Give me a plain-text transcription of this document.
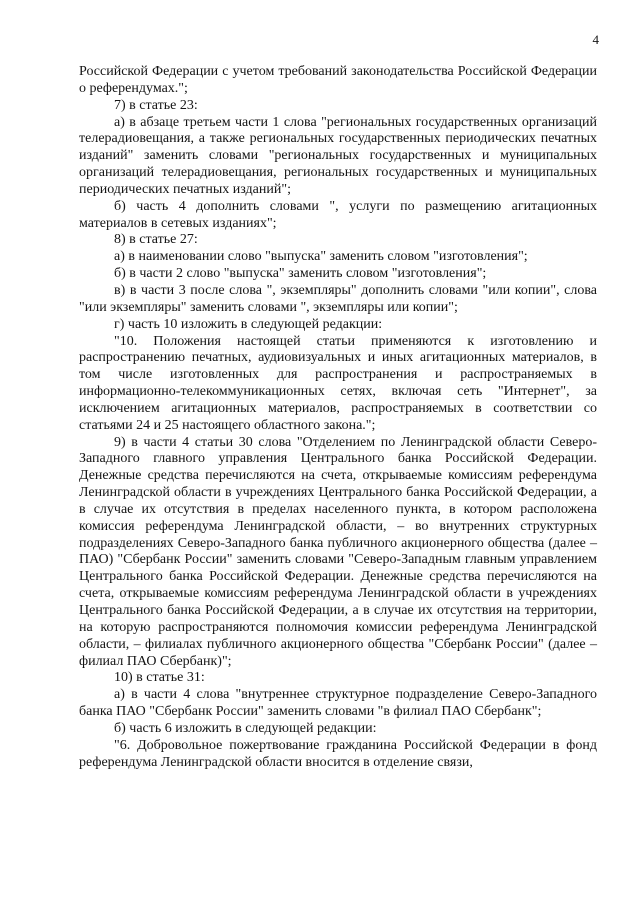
4

Российской Федерации с учетом требований законодательства Российской Федерации о референдумах.";

7) в статье 23:

а) в абзаце третьем части 1 слова "региональных государственных организаций телерадиовещания, а также региональных государственных периодических печатных изданий" заменить словами "региональных государственных и муниципальных организаций телерадиовещания, региональных государственных и муниципальных периодических печатных изданий";

б) часть 4 дополнить словами ", услуги по размещению агитационных материалов в сетевых изданиях";

8) в статье 27:

а) в наименовании слово "выпуска" заменить словом "изготовления";

б) в части 2 слово "выпуска" заменить словом "изготовления";

в) в части 3 после слова ", экземпляры" дополнить словами "или копии", слова "или экземпляры" заменить словами ", экземпляры или копии";

г) часть 10 изложить в следующей редакции:

"10. Положения настоящей статьи применяются к изготовлению и распространению печатных, аудиовизуальных и иных агитационных материалов, в том числе изготовленных для распространения и распространяемых в информационно-телекоммуникационных сетях, включая сеть "Интернет", за исключением агитационных материалов, распространяемых в соответствии со статьями 24 и 25 настоящего областного закона.";

9) в части 4 статьи 30 слова "Отделением по Ленинградской области Северо-Западного главного управления Центрального банка Российской Федерации. Денежные средства перечисляются на счета, открываемые комиссиям референдума Ленинградской области в учреждениях Центрального банка Российской Федерации, а в случае их отсутствия в пределах населенного пункта, в котором расположена комиссия референдума Ленинградской области, – во внутренних структурных подразделениях Северо-Западного банка публичного акционерного общества (далее – ПАО) "Сбербанк России" заменить словами "Северо-Западным главным управлением Центрального банка Российской Федерации. Денежные средства перечисляются на счета, открываемые комиссиям референдума Ленинградской области в учреждениях Центрального банка Российской Федерации, а в случае их отсутствия на территории, на которую распространяются полномочия комиссии референдума Ленинградской области, – филиалах публичного акционерного общества "Сбербанк России" (далее – филиал ПАО Сбербанк)";

10) в статье 31:

а) в части 4 слова "внутреннее структурное подразделение Северо-Западного банка ПАО "Сбербанк России" заменить словами "в филиал ПАО Сбербанк";

б) часть 6 изложить в следующей редакции:

"6. Добровольное пожертвование гражданина Российской Федерации в фонд референдума Ленинградской области вносится в отделение связи,
